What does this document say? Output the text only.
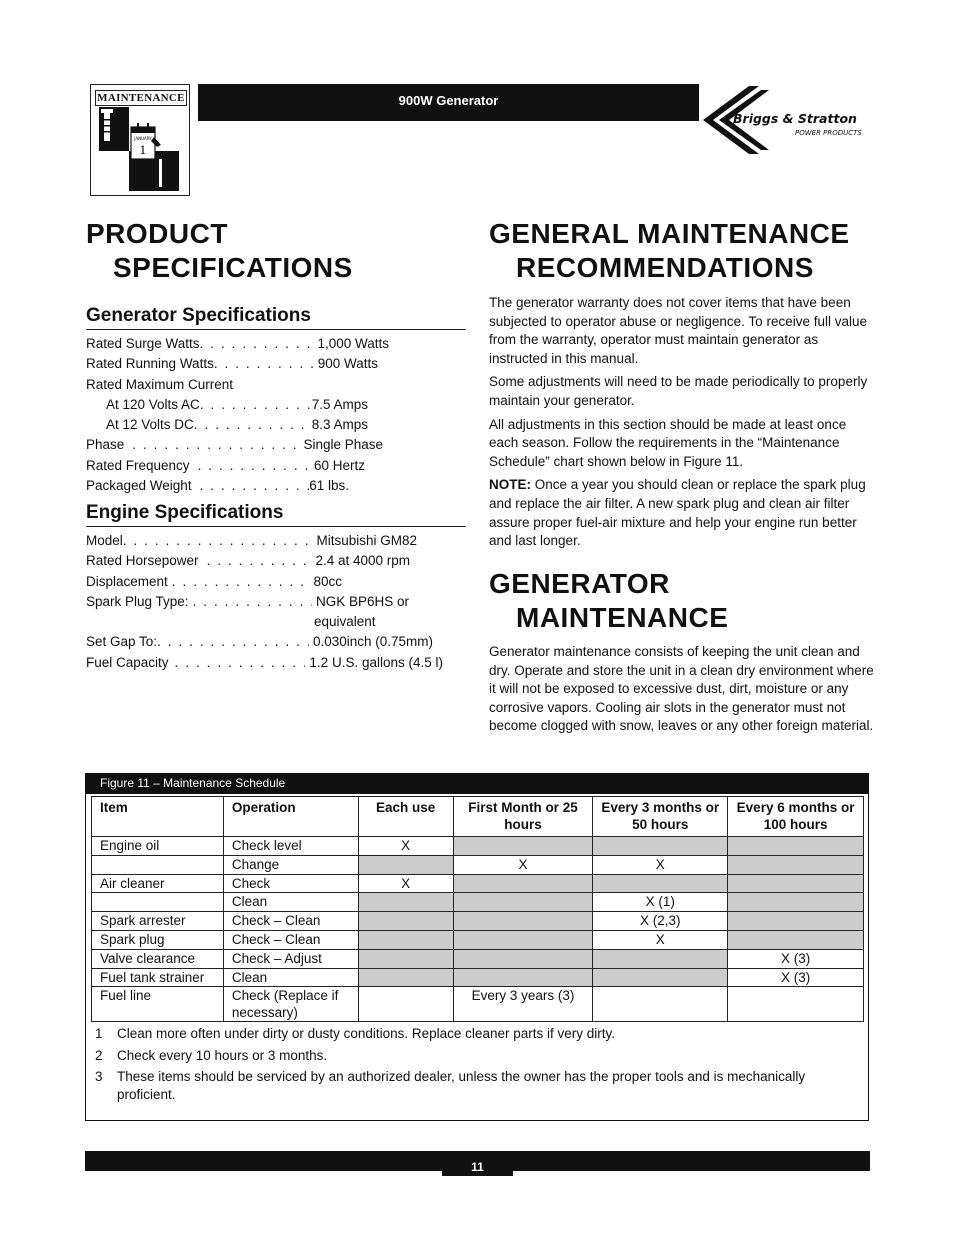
MAINTENANCE
JANUARY
1
900W Generator
Briggs & Stratton
POWER PRODUCTS
PRODUCT
SPECIFICATIONS
Generator Specifications
Rated Surge Watts . . .	1,000 Watts
Rated Running Watts . . .	900 Watts
Rated Maximum Current
At 120 Volts AC . . .	7.5 Amps
At 12 Volts DC . . .	8.3 Amps
Phase . . .	Single Phase
Rated Frequency . . .	60 Hertz
Packaged Weight . . .	61 lbs.
Engine Specifications
Model . . .	Mitsubishi GM82
Rated Horsepower . . .	2.4 at 4000 rpm
Displacement . . .	80cc
Spark Plug Type: . . .	NGK BP6HS or
equivalent
Set Gap To: . . .	0.030inch (0.75mm)
Fuel Capacity . . .	1.2 U.S. gallons (4.5 l)
GENERAL MAINTENANCE
RECOMMENDATIONS

The generator warranty does not cover items that have been subjected to operator abuse or negligence. To receive full value from the warranty, operator must maintain generator as instructed in this manual.

Some adjustments will need to be made periodically to properly maintain your generator.

All adjustments in this section should be made at least once each season. Follow the requirements in the “Maintenance Schedule” chart shown below in Figure 11.

NOTE: Once a year you should clean or replace the spark plug and replace the air filter. A new spark plug and clean air filter assure proper fuel-air mixture and help your engine run better and last longer.

GENERATOR
MAINTENANCE

Generator maintenance consists of keeping the unit clean and dry. Operate and store the unit in a clean dry environment where it will not be exposed to excessive dust, dirt, moisture or any corrosive vapors. Cooling air slots in the generator must not become clogged with snow, leaves or any other foreign material.

Figure 11 – Maintenance Schedule
Item	Operation	Each use	First Month or 25 hours	Every 3 months or 50 hours	Every 6 months or 100 hours
Engine oil	Check level	X			
	Change		X	X	
Air cleaner	Check	X			
	Clean			X (1)	
Spark arrester	Check – Clean			X (2,3)	
Spark plug	Check – Clean			X	
Valve clearance	Check – Adjust				X (3)
Fuel tank strainer	Clean				X (3)
Fuel line	Check (Replace if necessary)		Every 3 years (3)		
1	Clean more often under dirty or dusty conditions. Replace cleaner parts if very dirty.
2	Check every 10 hours or 3 months.
3	These items should be serviced by an authorized dealer, unless the owner has the proper tools and is mechanically proficient.
11
